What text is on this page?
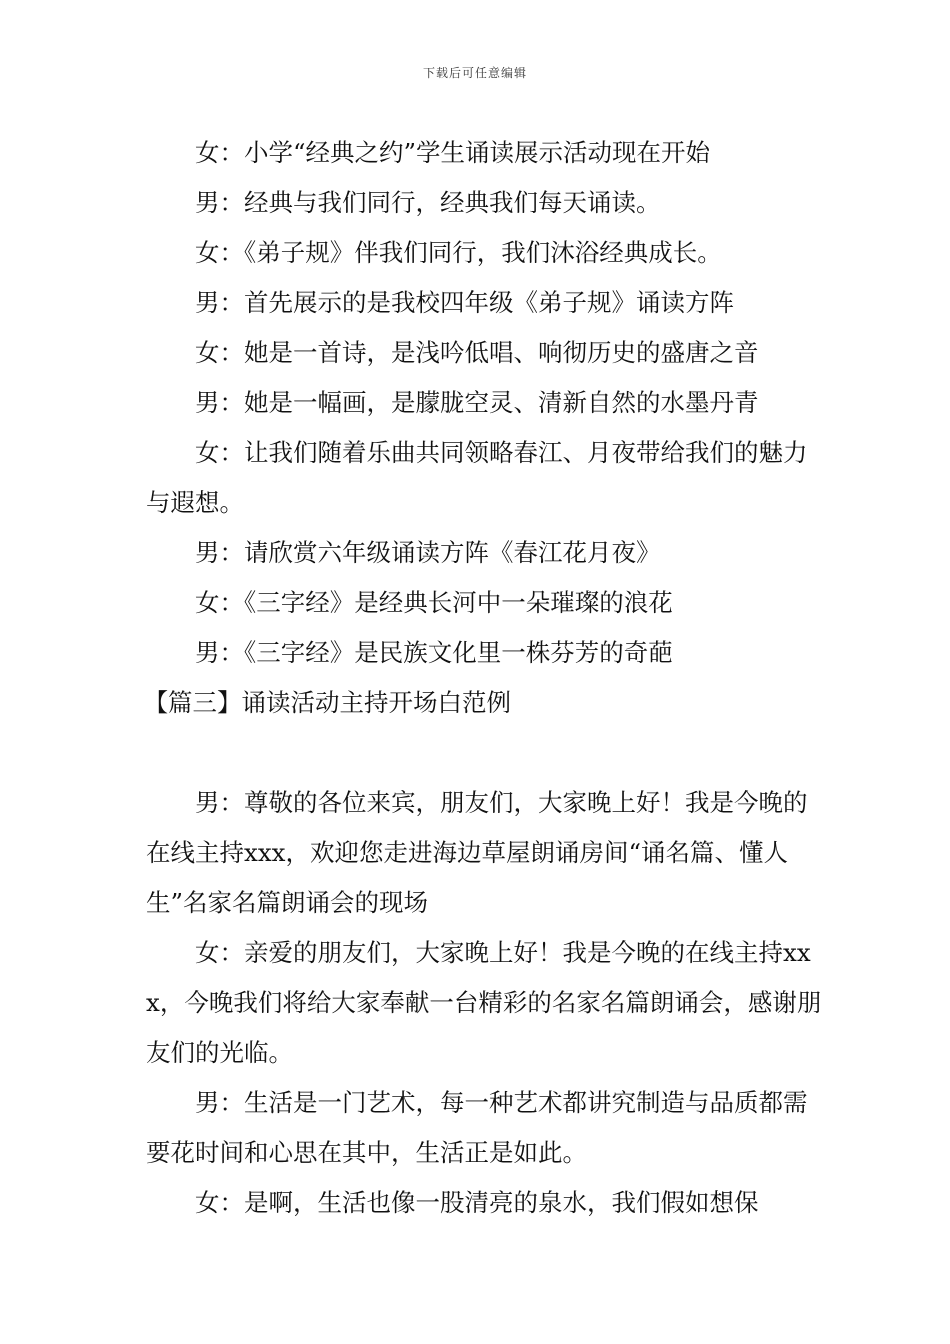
下载后可任意编辑

女：小学“经典之约”学生诵读展示活动现在开始

男：经典与我们同行，经典我们每天诵读。

女：《弟子规》伴我们同行，我们沐浴经典成长。

男：首先展示的是我校四年级《弟子规》诵读方阵

女：她是一首诗，是浅吟低唱、响彻历史的盛唐之音

男：她是一幅画，是朦胧空灵、清新自然的水墨丹青

女：让我们随着乐曲共同领略春江、月夜带给我们的魅力与遐想。

男：请欣赏六年级诵读方阵《春江花月夜》

女：《三字经》是经典长河中一朵璀璨的浪花

男：《三字经》是民族文化里一株芬芳的奇葩

【篇三】诵读活动主持开场白范例

男：尊敬的各位来宾，朋友们，大家晚上好！我是今晚的在线主持xxx，欢迎您走进海边草屋朗诵房间“诵名篇、懂人生”名家名篇朗诵会的现场

女：亲爱的朋友们，大家晚上好！我是今晚的在线主持xxx，今晚我们将给大家奉献一台精彩的名家名篇朗诵会，感谢朋友们的光临。

男：生活是一门艺术，每一种艺术都讲究制造与品质都需要花时间和心思在其中，生活正是如此。

女：是啊，生活也像一股清亮的泉水，我们假如想保
